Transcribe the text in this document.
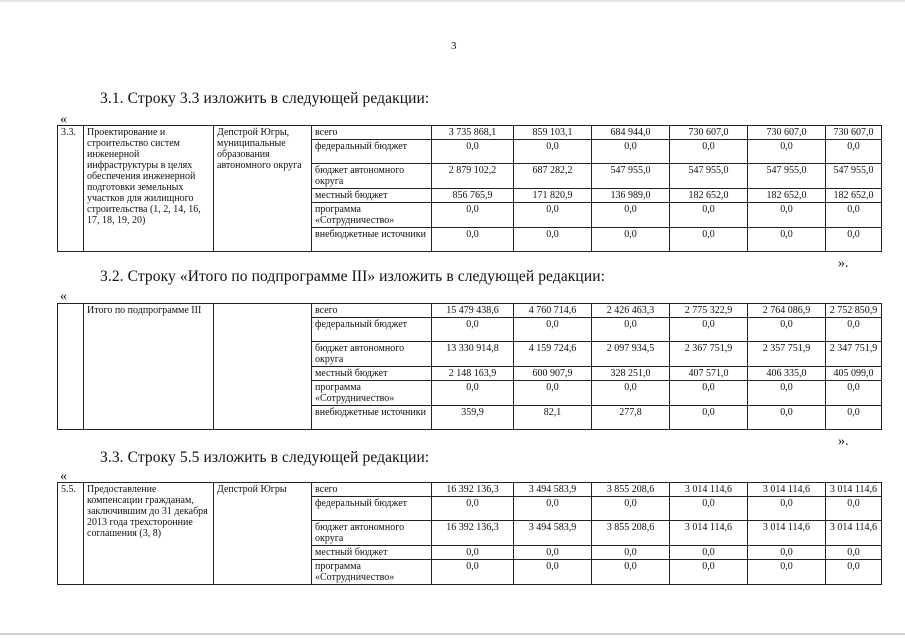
3
3.1. Строку 3.3 изложить в следующей редакции:
«
3.3.	Проектирование и строительство систем инженерной инфраструктуры в целях обеспечения инженерной подготовки земельных участков для жилищного строительства (1, 2, 14, 16, 17, 18, 19, 20)	Депстрой Югры, муниципальные образования автономного округа	всего	3 735 868,1	859 103,1	684 944,0	730 607,0	730 607,0	730 607,0
			федеральный бюджет	0,0	0,0	0,0	0,0	0,0	0,0
			бюджет автономного округа	2 879 102,2	687 282,2	547 955,0	547 955,0	547 955,0	547 955,0
			местный бюджет	856 765,9	171 820,9	136 989,0	182 652,0	182 652,0	182 652,0
			программа «Сотрудничество»	0,0	0,0	0,0	0,0	0,0	0,0
			внебюджетные источники	0,0	0,0	0,0	0,0	0,0	0,0
».
3.2. Строку «Итого по подпрограмме III» изложить в следующей редакции:
«
	Итого по подпрограмме III		всего	15 479 438,6	4 760 714,6	2 426 463,3	2 775 322,9	2 764 086,9	2 752 850,9
			федеральный бюджет	0,0	0,0	0,0	0,0	0,0	0,0
			бюджет автономного округа	13 330 914,8	4 159 724,6	2 097 934,5	2 367 751,9	2 357 751,9	2 347 751,9
			местный бюджет	2 148 163,9	600 907,9	328 251,0	407 571,0	406 335,0	405 099,0
			программа «Сотрудничество»	0,0	0,0	0,0	0,0	0,0	0,0
			внебюджетные источники	359,9	82,1	277,8	0,0	0,0	0,0
».
3.3. Строку 5.5 изложить в следующей редакции:
«
5.5.	Предоставление компенсации гражданам, заключившим до 31 декабря 2013 года трехсторонние соглашения (3, 8)	Депстрой Югры	всего	16 392 136,3	3 494 583,9	3 855 208,6	3 014 114,6	3 014 114,6	3 014 114,6
			федеральный бюджет	0,0	0,0	0,0	0,0	0,0	0,0
			бюджет автономного округа	16 392 136,3	3 494 583,9	3 855 208,6	3 014 114,6	3 014 114,6	3 014 114,6
			местный бюджет	0,0	0,0	0,0	0,0	0,0	0,0
			программа «Сотрудничество»	0,0	0,0	0,0	0,0	0,0	0,0
